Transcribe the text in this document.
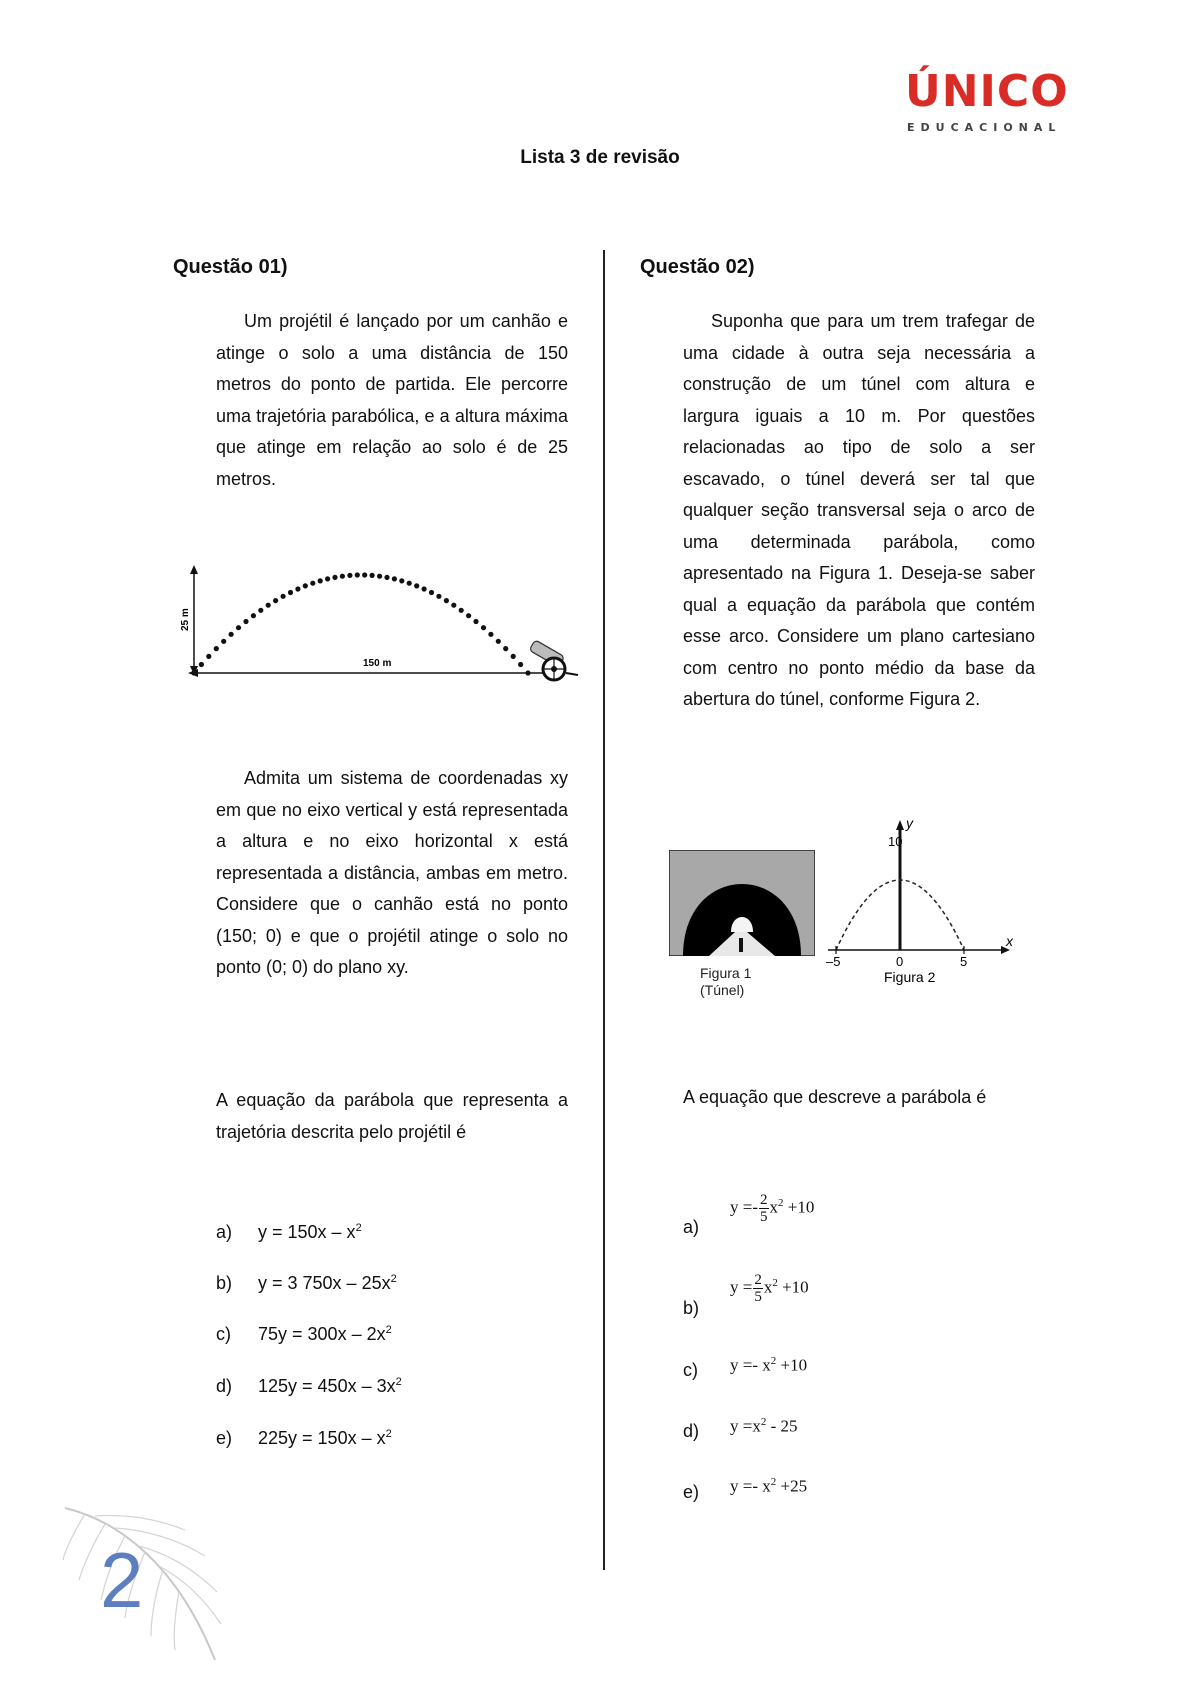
ÚNICO
EDUCACIONAL
Lista 3 de revisão
Questão 01)
Um projétil é lançado por um canhão e atinge o solo a uma distância de 150 metros do ponto de partida. Ele percorre uma trajetória parabólica, e a altura máxima que atinge em relação ao solo é de 25 metros.
25 m
150 m
Admita um sistema de coordenadas xy em que no eixo vertical y está representada a altura e no eixo horizontal x está representada a distância, ambas em metro. Considere que o canhão está no ponto (150; 0) e que o projétil atinge o solo no ponto (0; 0) do plano xy.
A equação da parábola que representa a trajetória descrita pelo projétil é
a) $y = 150x - x^2$
b) y = 3 $750x - 25x^2$
c) $75y = 300x - 2x^2$
d) $125y = 450x - 3x^2$
e) $225y = 150x - x^2$
Questão 02)
Suponha que para um trem trafegar de uma cidade à outra seja necessária a construção de um túnel com altura e largura iguais a 10 m. Por questões relacionadas ao tipo de solo a ser escavado, o túnel deverá ser tal que qualquer seção transversal seja o arco de uma determinada parábola, como apresentado na Figura 1. Deseja-se saber qual a equação da parábola que contém esse arco. Considere um plano cartesiano com centro no ponto médio da base da abertura do túnel, conforme Figura 2.
Figura 1
(Túnel)
10
y
x
–5	0	5
Figura 2
A equação que descreve a parábola é
a)
$y =- \frac{2}{5} x^2 +10$
b)
$y = \frac{2}{5} x^2 +10$
c) $y =- x^2 +10$
d) $y =x^2 - 25$
e) $y =- x^2 +25$
2
